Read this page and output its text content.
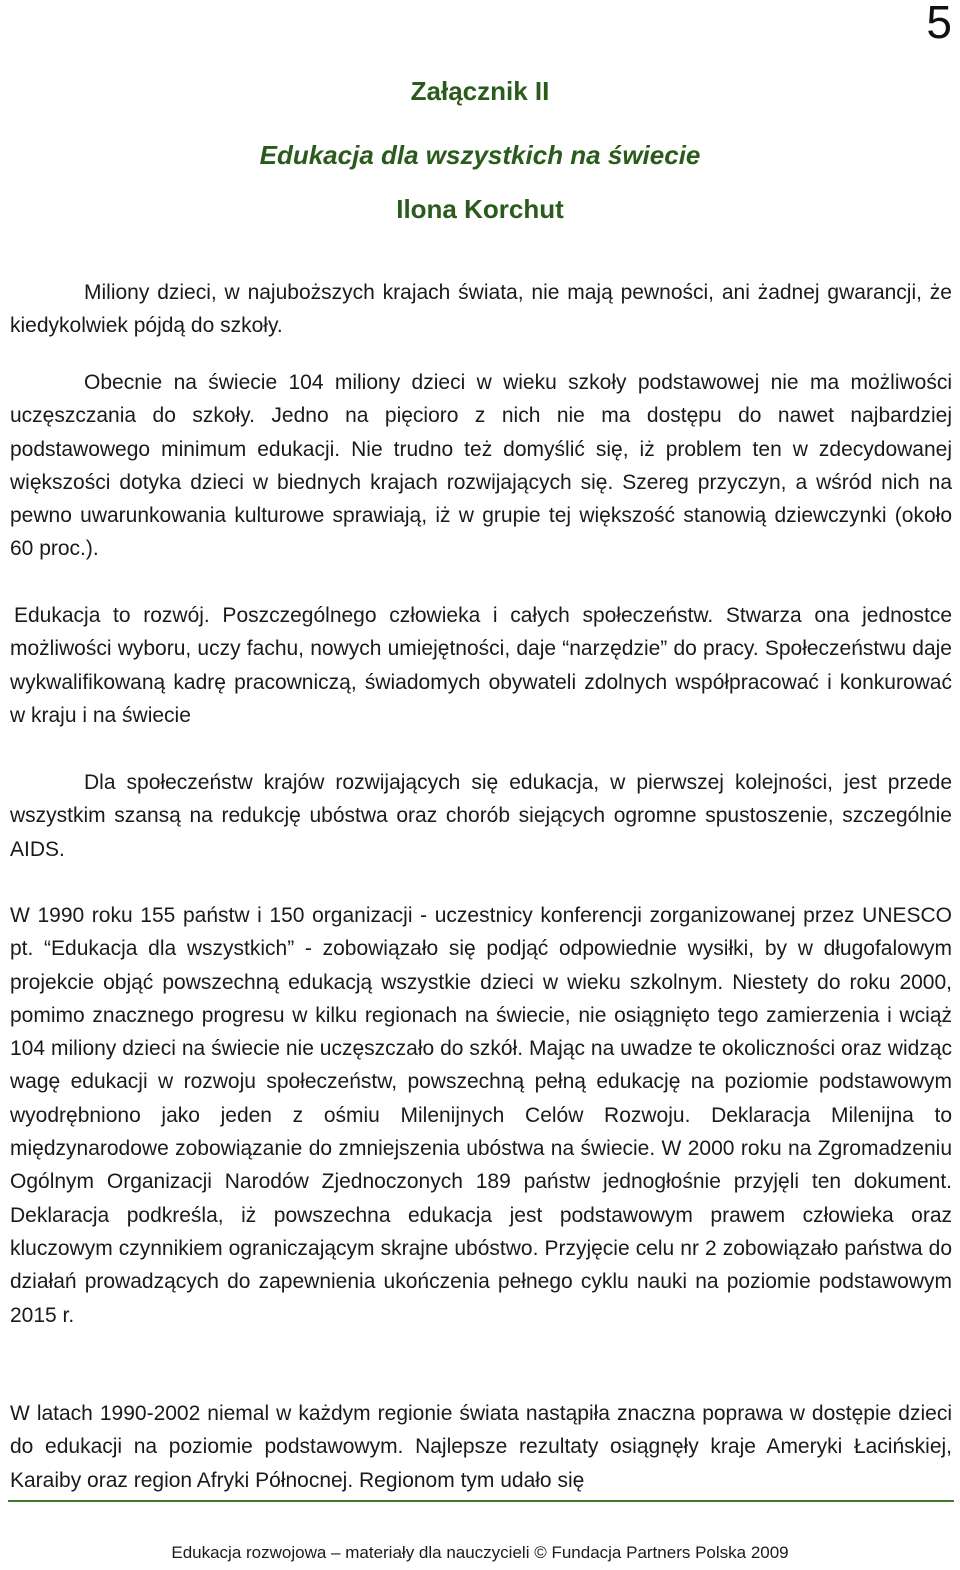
5
Załącznik II
Edukacja dla wszystkich na świecie
Ilona Korchut

Miliony dzieci, w najuboższych krajach świata, nie mają pewności, ani żadnej gwarancji, że kiedykolwiek pójdą do szkoły.

Obecnie na świecie 104 miliony dzieci w wieku szkoły podstawowej nie ma możliwości uczęszczania do szkoły. Jedno na pięcioro z nich nie ma dostępu do nawet najbardziej podstawowego minimum edukacji. Nie trudno też domyślić się, iż problem ten w zdecydowanej większości dotyka dzieci w biednych krajach rozwijających się. Szereg przyczyn, a wśród nich na pewno uwarunkowania kulturowe sprawiają, iż w grupie tej większość stanowią dziewczynki (około 60 proc.).

Edukacja to rozwój. Poszczególnego człowieka i całych społeczeństw. Stwarza ona jednostce możliwości wyboru, uczy fachu, nowych umiejętności, daje “narzędzie” do pracy. Społeczeństwu daje wykwalifikowaną kadrę pracowniczą, świadomych obywateli zdolnych współpracować i konkurować w kraju i na świecie

Dla społeczeństw krajów rozwijających się edukacja, w pierwszej kolejności, jest przede wszystkim szansą na redukcję ubóstwa oraz chorób siejących ogromne spustoszenie, szczególnie AIDS.

W 1990 roku 155 państw i 150 organizacji - uczestnicy konferencji zorganizowanej przez UNESCO pt. “Edukacja dla wszystkich” - zobowiązało się podjąć odpowiednie wysiłki, by w długofalowym projekcie objąć powszechną edukacją wszystkie dzieci w wieku szkolnym. Niestety do roku 2000, pomimo znacznego progresu w kilku regionach na świecie, nie osiągnięto tego zamierzenia i wciąż 104 miliony dzieci na świecie nie uczęszczało do szkół. Mając na uwadze te okoliczności oraz widząc wagę edukacji w rozwoju społeczeństw, powszechną pełną edukację na poziomie podstawowym wyodrębniono jako jeden z ośmiu Milenijnych Celów Rozwoju. Deklaracja Milenijna to międzynarodowe zobowiązanie do zmniejszenia ubóstwa na świecie. W 2000 roku na Zgromadzeniu Ogólnym Organizacji Narodów Zjednoczonych 189 państw jednogłośnie przyjęli ten dokument. Deklaracja podkreśla, iż powszechna edukacja jest podstawowym prawem człowieka oraz kluczowym czynnikiem ograniczającym skrajne ubóstwo. Przyjęcie celu nr 2 zobowiązało państwa do działań prowadzących do zapewnienia ukończenia pełnego cyklu nauki na poziomie podstawowym 2015 r.

W latach 1990-2002 niemal w każdym regionie świata nastąpiła znaczna poprawa w dostępie dzieci do edukacji na poziomie podstawowym. Najlepsze rezultaty osiągnęły kraje Ameryki Łacińskiej, Karaiby oraz region Afryki Północnej. Regionom tym udało się

Edukacja rozwojowa – materiały dla nauczycieli © Fundacja Partners Polska 2009
